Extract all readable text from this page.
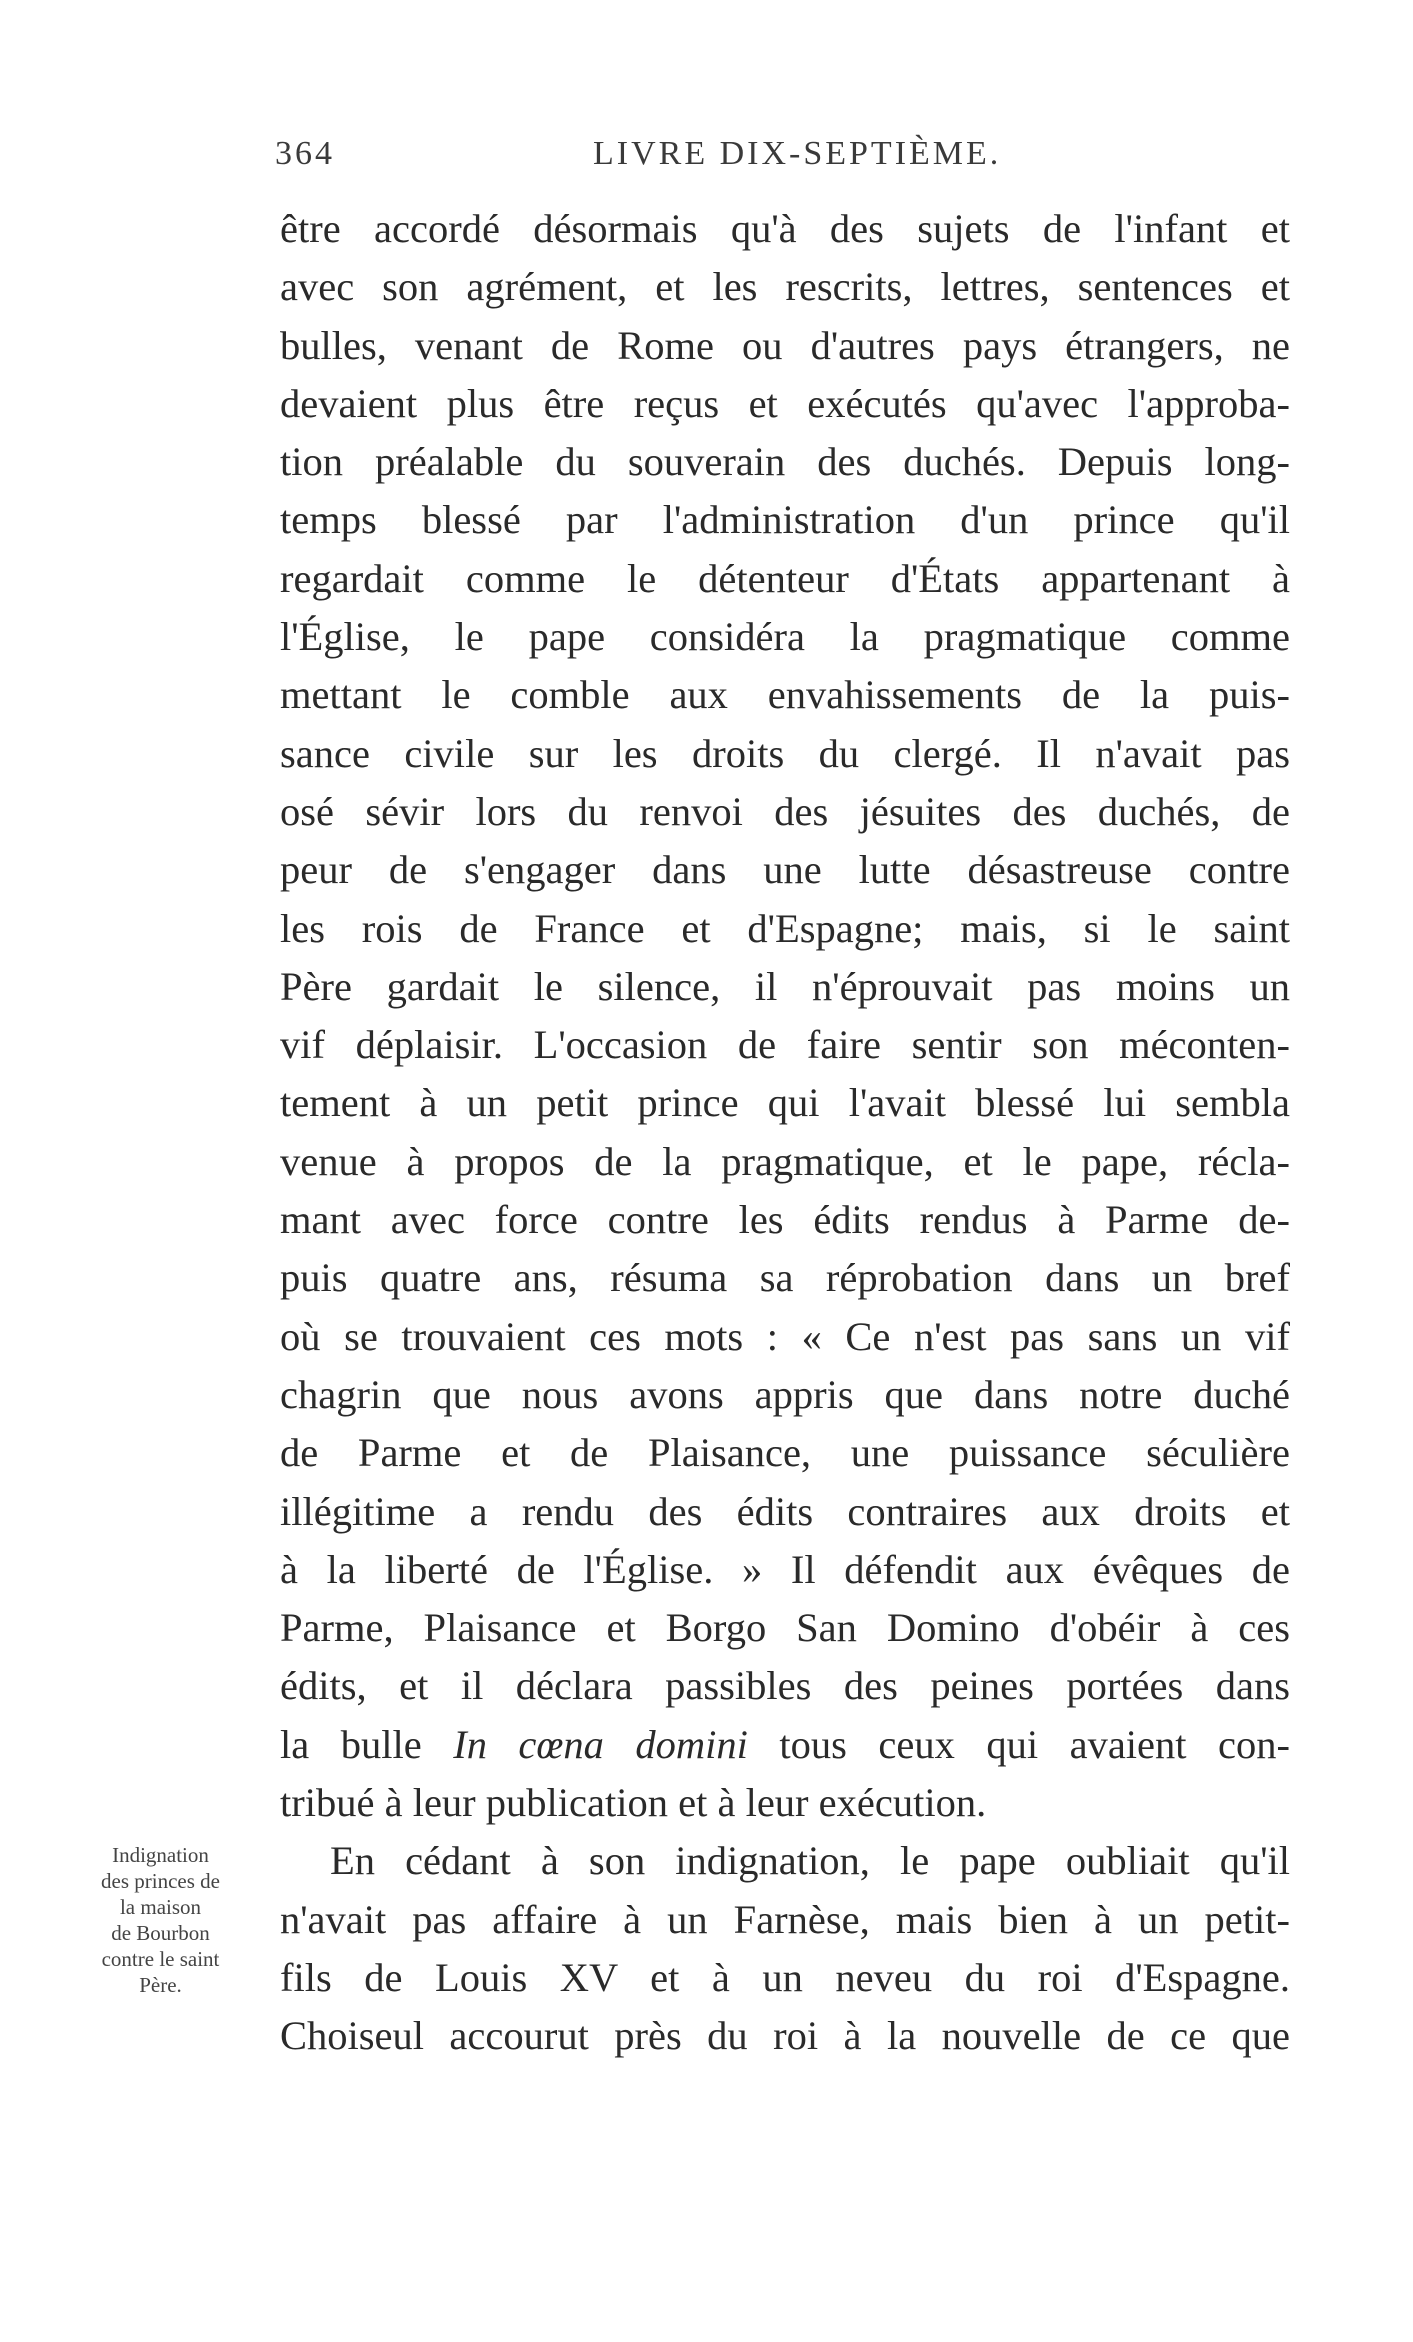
364	LIVRE DIX-SEPTIÈME.
être accordé désormais qu'à des sujets de l'infant et
avec son agrément, et les rescrits, lettres, sentences et
bulles, venant de Rome ou d'autres pays étrangers, ne
devaient plus être reçus et exécutés qu'avec l'approba-
tion préalable du souverain des duchés. Depuis long-
temps blessé par l'administration d'un prince qu'il
regardait comme le détenteur d'États appartenant à
l'Église, le pape considéra la pragmatique comme
mettant le comble aux envahissements de la puis-
sance civile sur les droits du clergé. Il n'avait pas
osé sévir lors du renvoi des jésuites des duchés, de
peur de s'engager dans une lutte désastreuse contre
les rois de France et d'Espagne; mais, si le saint
Père gardait le silence, il n'éprouvait pas moins un
vif déplaisir. L'occasion de faire sentir son méconten-
tement à un petit prince qui l'avait blessé lui sembla
venue à propos de la pragmatique, et le pape, récla-
mant avec force contre les édits rendus à Parme de-
puis quatre ans, résuma sa réprobation dans un bref
où se trouvaient ces mots : « Ce n'est pas sans un vif
chagrin que nous avons appris que dans notre duché
de Parme et de Plaisance, une puissance séculière
illégitime a rendu des édits contraires aux droits et
à la liberté de l'Église. » Il défendit aux évêques de
Parme, Plaisance et Borgo San Domino d'obéir à ces
édits, et il déclara passibles des peines portées dans
la bulle In cœna domini tous ceux qui avaient con-
tribué à leur publication et à leur exécution.
En cédant à son indignation, le pape oubliait qu'il
n'avait pas affaire à un Farnèse, mais bien à un petit-
fils de Louis XV et à un neveu du roi d'Espagne.
Choiseul accourut près du roi à la nouvelle de ce que
Indignation
des princes de
la maison
de Bourbon
contre le saint
Père.
